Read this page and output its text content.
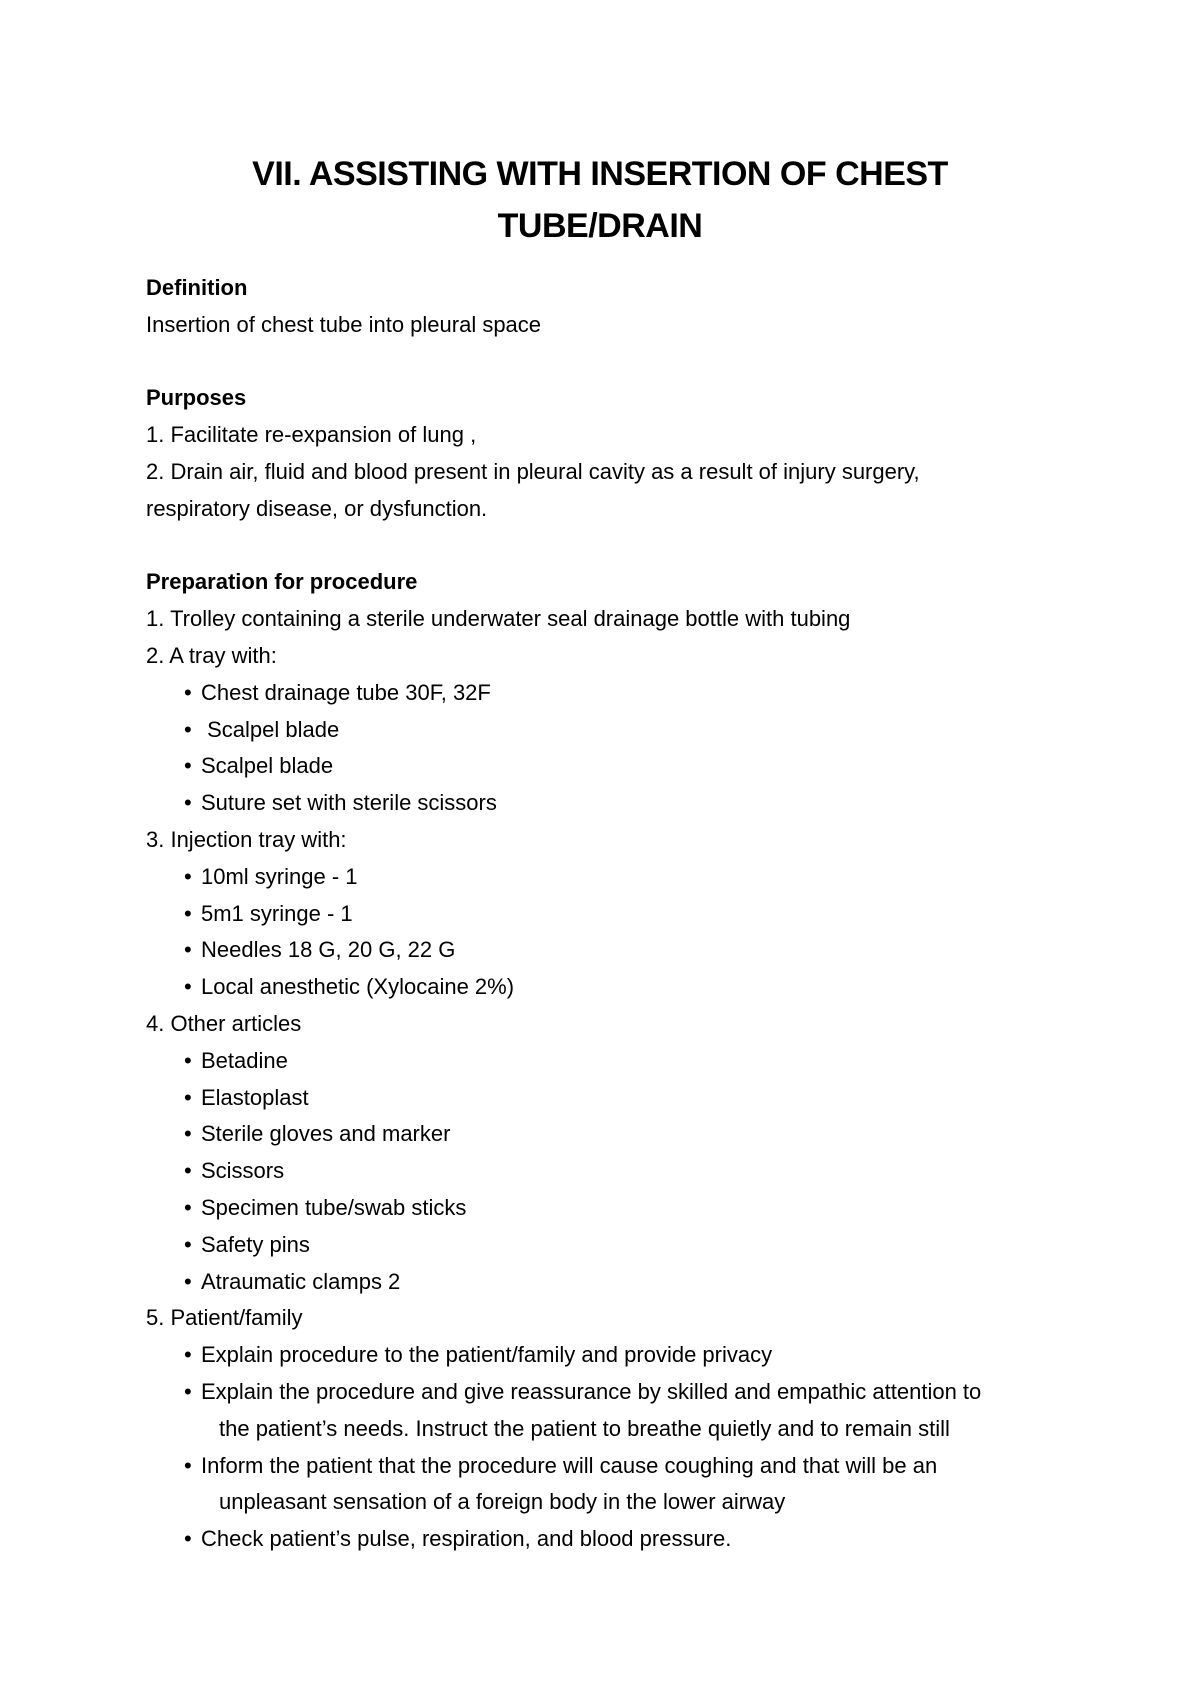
VII. ASSISTING WITH INSERTION OF CHEST
TUBE/DRAIN

Definition

Insertion of chest tube into pleural space

Purposes

1. Facilitate re-expansion of lung ,

2. Drain air, fluid and blood present in pleural cavity as a result of injury surgery,

respiratory disease, or dysfunction.

Preparation for procedure

1. Trolley containing a sterile underwater seal drainage bottle with tubing

2. A tray with:

• Chest drainage tube 30F, 32F

• Scalpel blade

• Scalpel blade

• Suture set with sterile scissors

3. Injection tray with:

• 10ml syringe - 1

• 5m1 syringe - 1

• Needles 18 G, 20 G, 22 G

• Local anesthetic (Xylocaine 2%)

4. Other articles

• Betadine

• Elastoplast

• Sterile gloves and marker

• Scissors

• Specimen tube/swab sticks

• Safety pins

• Atraumatic clamps 2

5. Patient/family

• Explain procedure to the patient/family and provide privacy

• Explain the procedure and give reassurance by skilled and empathic attention to

the patient’s needs. Instruct the patient to breathe quietly and to remain still

• Inform the patient that the procedure will cause coughing and that will be an

unpleasant sensation of a foreign body in the lower airway

• Check patient’s pulse, respiration, and blood pressure.
